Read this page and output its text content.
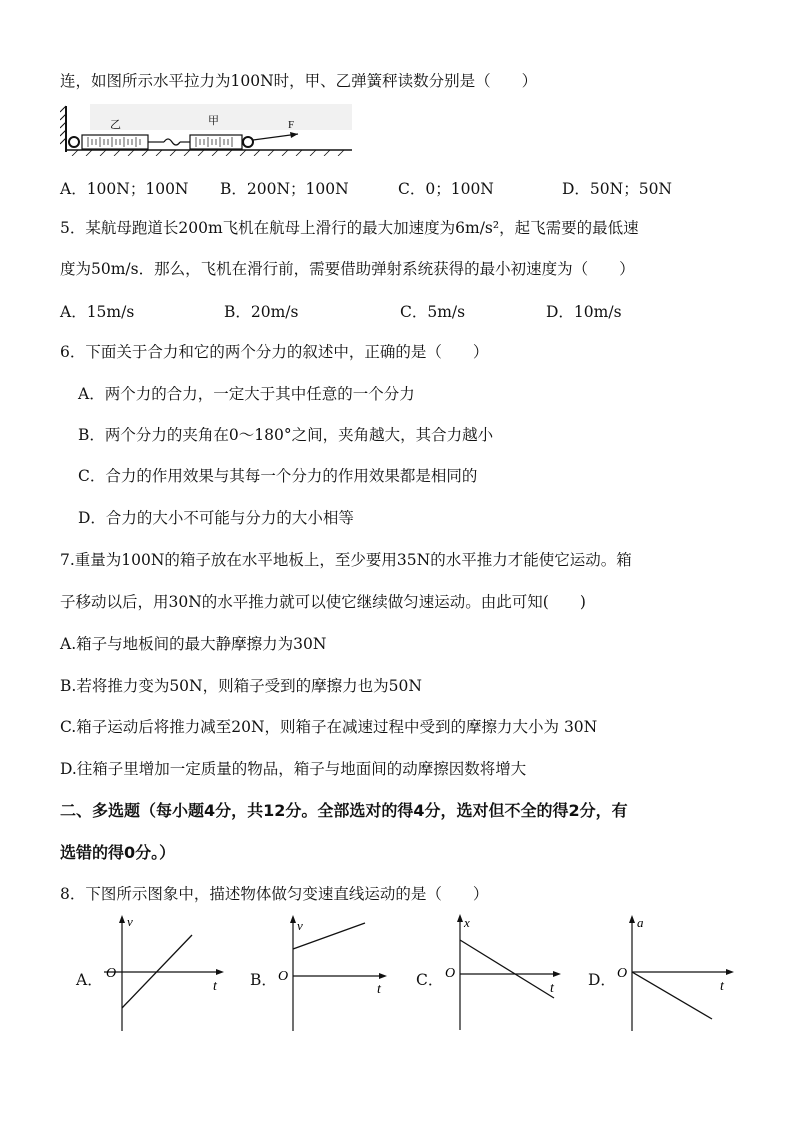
连，如图所示水平拉力为100N时，甲、乙弹簧秤读数分别是（　　）
乙	甲	F
A．100N；100N B．200N；100N	C．0；100N	D．50N；50N
5．某航母跑道长200m飞机在航母上滑行的最大加速度为6m/s²，起飞需要的最低速
度为50m/s．那么，飞机在滑行前，需要借助弹射系统获得的最小初速度为（　　）
A．15m/s	B．20m/s	C．5m/s	D．10m/s
6．下面关于合力和它的两个分力的叙述中，正确的是（　　）
A．两个力的合力，一定大于其中任意的一个分力
B．两个分力的夹角在0～180°之间，夹角越大，其合力越小
C．合力的作用效果与其每一个分力的作用效果都是相同的
D．合力的大小不可能与分力的大小相等
7.重量为100N的箱子放在水平地板上，至少要用35N的水平推力才能使它运动。箱
子移动以后，用30N的水平推力就可以使它继续做匀速运动。由此可知(　　)
A.箱子与地板间的最大静摩擦力为30N
B.若将推力变为50N，则箱子受到的摩擦力也为50N
C.箱子运动后将推力减至20N，则箱子在减速过程中受到的摩擦力大小为 30N
D.往箱子里增加一定质量的物品，箱子与地面间的动摩擦因数将增大
二、多选题（每小题4分，共12分。全部选对的得4分，选对但不全的得2分，有
选错的得0分。）
8．下图所示图象中，描述物体做匀变速直线运动的是（　　）
A．
v
t
O	B．
v
t
O	C．
x
t
O	D．
a
t
O
